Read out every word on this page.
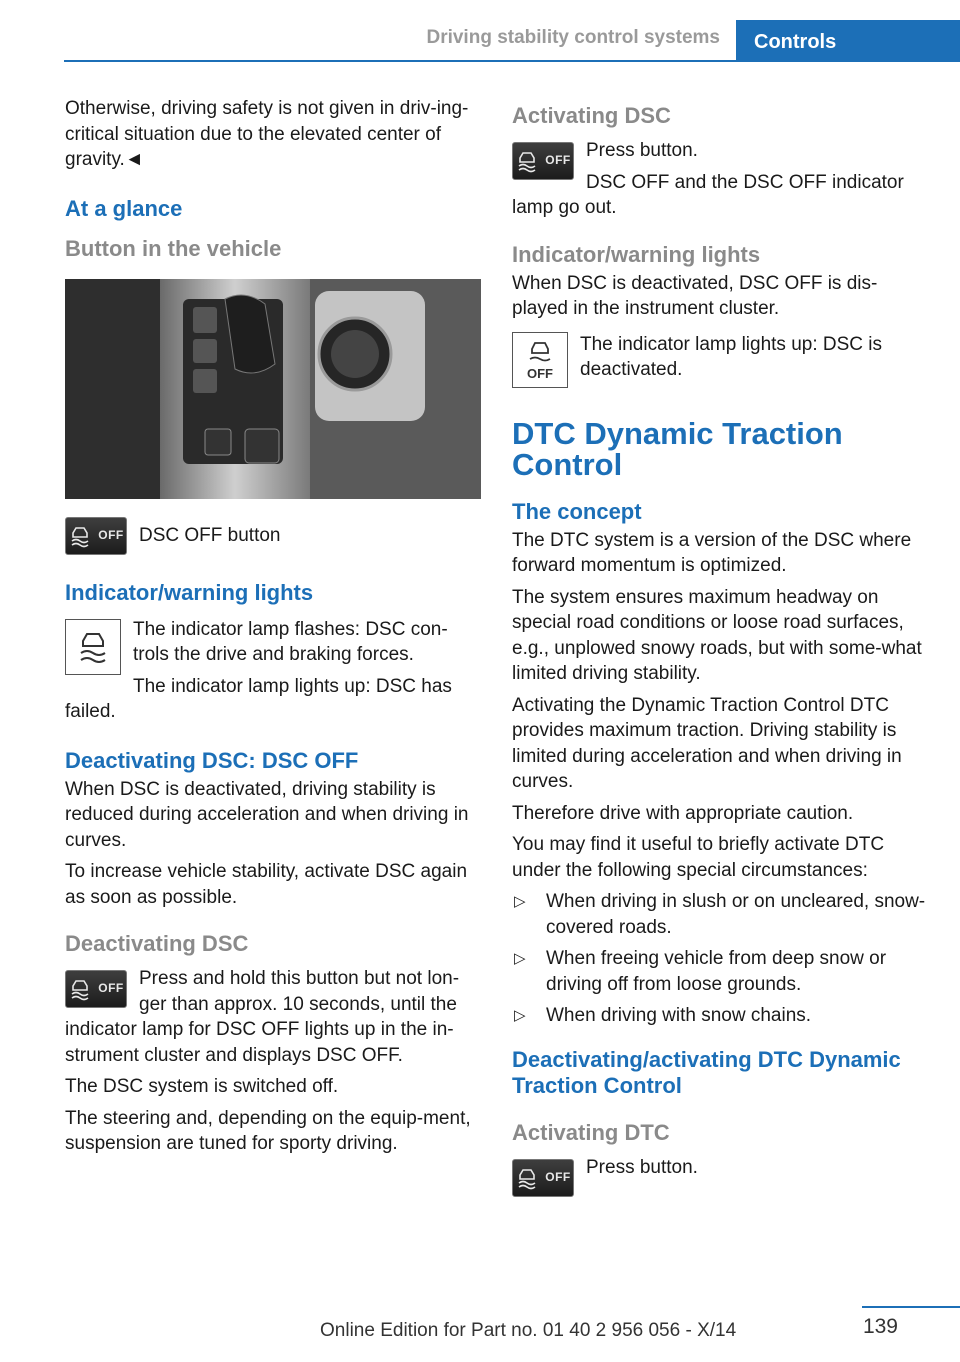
Driving stability control systems	Controls

Otherwise, driving safety is not given in driv‐ing-critical situation due to the elevated center of gravity.◄

At a glance
Button in the vehicle
OFF DSC OFF button

Indicator/warning lights

The indicator lamp flashes: DSC con‐trols the drive and braking forces.

The indicator lamp lights up: DSC has failed.

Deactivating DSC: DSC OFF

When DSC is deactivated, driving stability is reduced during acceleration and when driving in curves.

To increase vehicle stability, activate DSC again as soon as possible.

Deactivating DSC
OFF Press and hold this button but not lon‐ger than approx. 10 seconds, until the indicator lamp for DSC OFF lights up in the in‐strument cluster and displays DSC OFF.

The DSC system is switched off.

The steering and, depending on the equip‐ment, suspension are tuned for sporty driving.

Activating DSC
OFF Press button.

DSC OFF and the DSC OFF indicator lamp go out.

Indicator/warning lights

When DSC is deactivated, DSC OFF is dis‐played in the instrument cluster.

OFF

The indicator lamp lights up: DSC is deactivated.

DTC Dynamic Traction Control
The concept

The DTC system is a version of the DSC where forward momentum is optimized.

The system ensures maximum headway on special road conditions or loose road surfaces, e.g., unplowed snowy roads, but with some‐what limited driving stability.

Activating the Dynamic Traction Control DTC provides maximum traction. Driving stability is limited during acceleration and when driving in curves.

Therefore drive with appropriate caution.

You may find it useful to briefly activate DTC under the following special circumstances:

▷ When driving in slush or on uncleared, snow-covered roads.
▷ When freeing vehicle from deep snow or driving off from loose grounds.
▷ When driving with snow chains.
Deactivating/activating DTC Dynamic Traction Control
Activating DTC
OFF Press button.

139
Online Edition for Part no. 01 40 2 956 056 - X/14
